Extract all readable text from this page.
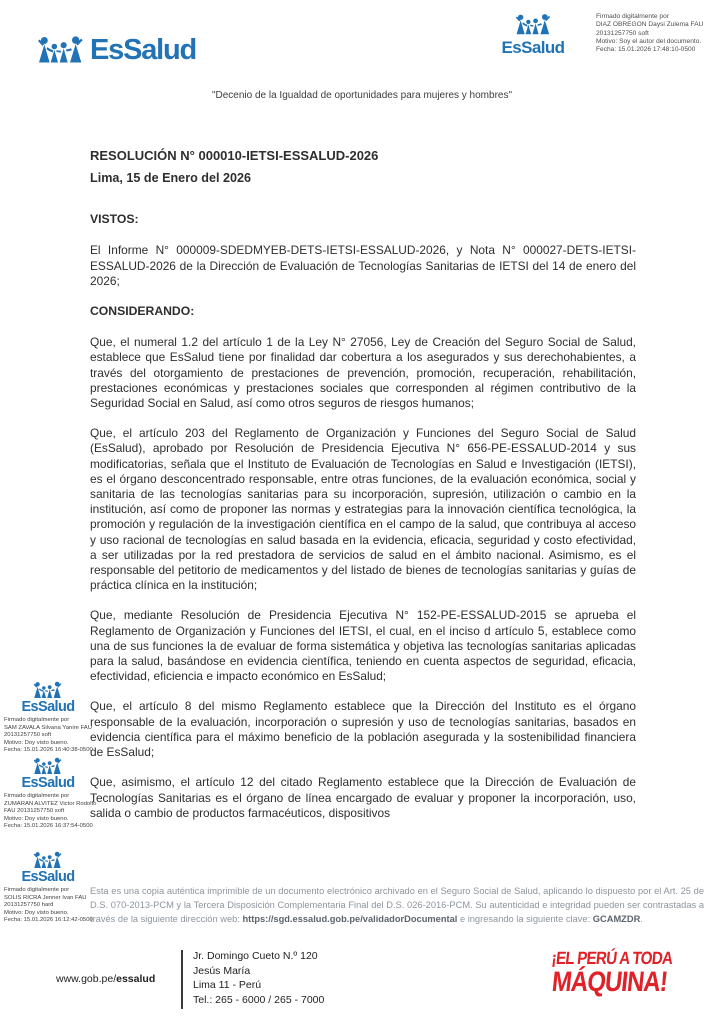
EsSalud	EsSalud
Firmado digitalmente por
DIAZ OBREGON Daysi Zulema FAU
20131257750 soft
Motivo: Soy el autor del documento.
Fecha: 15.01.2026 17:48:10-0500
"Decenio de la Igualdad de oportunidades para mujeres y hombres"
RESOLUCIÓN N° 000010-IETSI-ESSALUD-2026
Lima, 15 de Enero del 2026
VISTOS:
El Informe N° 000009-SDEDMYEB-DETS-IETSI-ESSALUD-2026, y Nota N° 000027-DETS-IETSI-ESSALUD-2026 de la Dirección de Evaluación de Tecnologías Sanitarias de IETSI del 14 de enero del 2026;
CONSIDERANDO:
Que, el numeral 1.2 del artículo 1 de la Ley N° 27056, Ley de Creación del Seguro Social de Salud, establece que EsSalud tiene por finalidad dar cobertura a los asegurados y sus derechohabientes, a través del otorgamiento de prestaciones de prevención, promoción, recuperación, rehabilitación, prestaciones económicas y prestaciones sociales que corresponden al régimen contributivo de la Seguridad Social en Salud, así como otros seguros de riesgos humanos;
Que, el artículo 203 del Reglamento de Organización y Funciones del Seguro Social de Salud (EsSalud), aprobado por Resolución de Presidencia Ejecutiva N° 656-PE-ESSALUD-2014 y sus modificatorias, señala que el Instituto de Evaluación de Tecnologías en Salud e Investigación (IETSI), es el órgano desconcentrado responsable, entre otras funciones, de la evaluación económica, social y sanitaria de las tecnologías sanitarias para su incorporación, supresión, utilización o cambio en la institución, así como de proponer las normas y estrategias para la innovación científica tecnológica, la promoción y regulación de la investigación científica en el campo de la salud, que contribuya al acceso y uso racional de tecnologías en salud basada en la evidencia, eficacia, seguridad y costo efectividad, a ser utilizadas por la red prestadora de servicios de salud en el ámbito nacional. Asimismo, es el responsable del petitorio de medicamentos y del listado de bienes de tecnologías sanitarias y guías de práctica clínica en la institución;
Que, mediante Resolución de Presidencia Ejecutiva N° 152-PE-ESSALUD-2015 se aprueba el Reglamento de Organización y Funciones del IETSI, el cual, en el inciso d artículo 5, establece como una de sus funciones la de evaluar de forma sistemática y objetiva las tecnologías sanitarias aplicadas para la salud, basándose en evidencia científica, teniendo en cuenta aspectos de seguridad, eficacia, efectividad, eficiencia e impacto económico en EsSalud;
Que, el artículo 8 del mismo Reglamento establece que la Dirección del Instituto es el órgano responsable de la evaluación, incorporación o supresión y uso de tecnologías sanitarias, basados en evidencia científica para el máximo beneficio de la población asegurada y la sostenibilidad financiera de EsSalud;
Que, asimismo, el artículo 12 del citado Reglamento establece que la Dirección de Evaluación de Tecnologías Sanitarias es el órgano de línea encargado de evaluar y proponer la incorporación, uso, salida o cambio de productos farmacéuticos, dispositivos
EsSalud
Firmado digitalmente por
SAM ZAVALA Silvana Yanire FAU
20131257750 soft
Motivo: Doy visto bueno.
Fecha: 15.01.2026 16:40:38-0500
EsSalud
Firmado digitalmente por
ZUMARAN ALVITEZ Victor Rodolfo
FAU 20131257750 soft
Motivo: Doy visto bueno.
Fecha: 15.01.2026 16:37:54-0500
EsSalud
Firmado digitalmente por
SOLIS RICRA Jenner Ivan FAU
20131257750 hard
Motivo: Doy visto bueno.
Fecha: 15.01.2026 16:12:42-0500
Esta es una copia auténtica imprimible de un documento electrónico archivado en el Seguro Social de Salud, aplicando lo dispuesto por el Art. 25 de D.S. 070-2013-PCM y la Tercera Disposición Complementaria Final del D.S. 026-2016-PCM. Su autenticidad e integridad pueden ser contrastadas a través de la siguiente dirección web: https://sgd.essalud.gob.pe/validadorDocumental e ingresando la siguiente clave: GCAMZDR.
www.gob.pe/essalud
Jr. Domingo Cueto N.º 120
Jesús María
Lima 11 - Perú
Tel.: 265 - 6000 / 265 - 7000
¡EL PERÚ A TODA
MÁQUINA!
